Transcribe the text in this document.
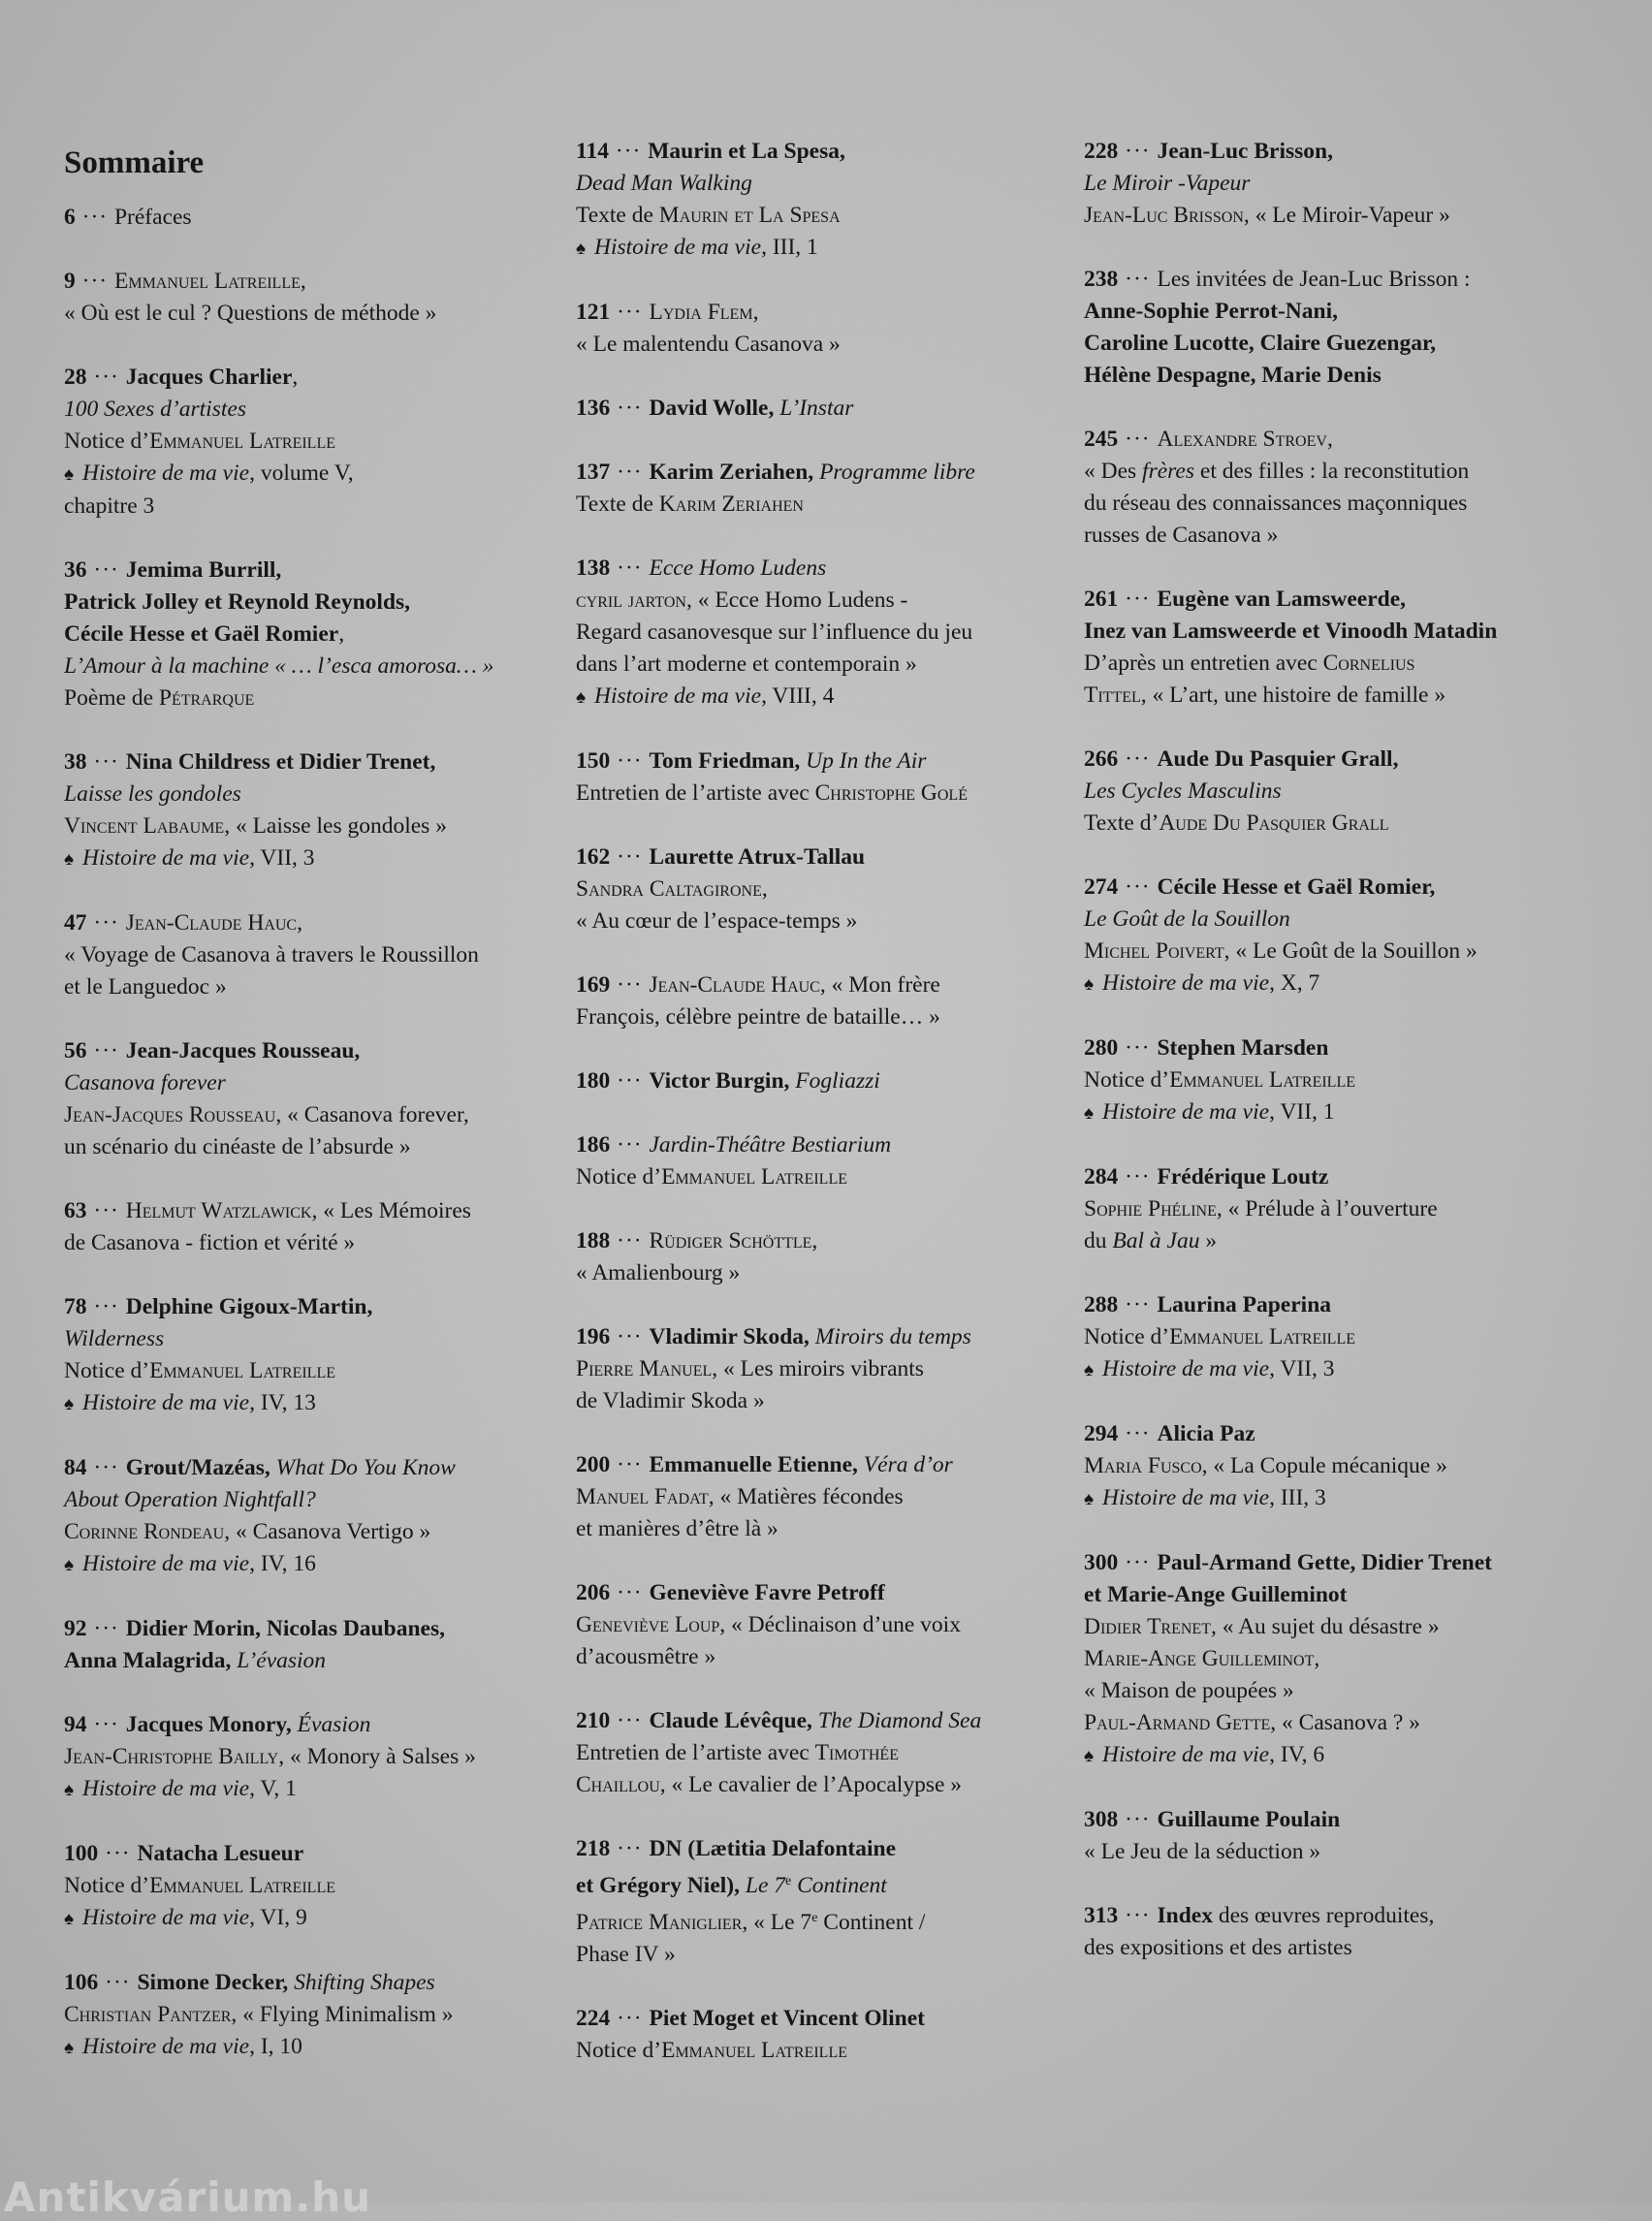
Sommaire
6 ··· Préfaces
9 ··· Emmanuel Latreille,
« Où est le cul ? Questions de méthode »
28 ··· Jacques Charlier,
100 Sexes d’artistes
Notice d’Emmanuel Latreille
♠ Histoire de ma vie, volume V,
chapitre 3
36 ··· Jemima Burrill,
Patrick Jolley et Reynold Reynolds,
Cécile Hesse et Gaël Romier,
L’Amour à la machine « … l’esca amorosa… »
Poème de Pétrarque
38 ··· Nina Childress et Didier Trenet,
Laisse les gondoles
Vincent Labaume, « Laisse les gondoles »
♠ Histoire de ma vie, VII, 3
47 ··· Jean-Claude Hauc,
« Voyage de Casanova à travers le Roussillon
et le Languedoc »
56 ··· Jean-Jacques Rousseau,
Casanova forever
Jean-Jacques Rousseau, « Casanova forever,
un scénario du cinéaste de l’absurde »
63 ··· Helmut Watzlawick, « Les Mémoires
de Casanova - fiction et vérité »
78 ··· Delphine Gigoux-Martin,
Wilderness
Notice d’Emmanuel Latreille
♠ Histoire de ma vie, IV, 13
84 ··· Grout/Mazéas, What Do You Know
About Operation Nightfall?
Corinne Rondeau, « Casanova Vertigo »
♠ Histoire de ma vie, IV, 16
92 ··· Didier Morin, Nicolas Daubanes,
Anna Malagrida, L’évasion
94 ··· Jacques Monory, Évasion
Jean-Christophe Bailly, « Monory à Salses »
♠ Histoire de ma vie, V, 1
100 ··· Natacha Lesueur
Notice d’Emmanuel Latreille
♠ Histoire de ma vie, VI, 9
106 ··· Simone Decker, Shifting Shapes
Christian Pantzer, « Flying Minimalism »
♠ Histoire de ma vie, I, 10
114 ··· Maurin et La Spesa,
Dead Man Walking
Texte de Maurin et La Spesa
♠ Histoire de ma vie, III, 1
121 ··· Lydia Flem,
« Le malentendu Casanova »
136 ··· David Wolle, L’Instar
137 ··· Karim Zeriahen, Programme libre
Texte de Karim Zeriahen
138 ··· Ecce Homo Ludens
cyril jarton, « Ecce Homo Ludens -
Regard casanovesque sur l’influence du jeu
dans l’art moderne et contemporain »
♠ Histoire de ma vie, VIII, 4
150 ··· Tom Friedman, Up In the Air
Entretien de l’artiste avec Christophe Golé
162 ··· Laurette Atrux-Tallau
Sandra Caltagirone,
« Au cœur de l’espace-temps »
169 ··· Jean-Claude Hauc, « Mon frère
François, célèbre peintre de bataille… »
180 ··· Victor Burgin, Fogliazzi
186 ··· Jardin-Théâtre Bestiarium
Notice d’Emmanuel Latreille
188 ··· Rüdiger Schöttle,
« Amalienbourg »
196 ··· Vladimir Skoda, Miroirs du temps
Pierre Manuel, « Les miroirs vibrants
de Vladimir Skoda »
200 ··· Emmanuelle Etienne, Véra d’or
Manuel Fadat, « Matières fécondes
et manières d’être là »
206 ··· Geneviève Favre Petroff
Geneviève Loup, « Déclinaison d’une voix
d’acousmêtre »
210 ··· Claude Lévêque, The Diamond Sea
Entretien de l’artiste avec Timothée
Chaillou, « Le cavalier de l’Apocalypse »
218 ··· DN (Lætitia Delafontaine
et Grégory Niel), Le 7e Continent
Patrice Maniglier, « Le 7e Continent /
Phase IV »
224 ··· Piet Moget et Vincent Olinet
Notice d’Emmanuel Latreille
228 ··· Jean-Luc Brisson,
Le Miroir -Vapeur
Jean-Luc Brisson, « Le Miroir-Vapeur »
238 ··· Les invitées de Jean-Luc Brisson :
Anne-Sophie Perrot-Nani,
Caroline Lucotte, Claire Guezengar,
Hélène Despagne, Marie Denis
245 ··· Alexandre Stroev,
« Des frères et des filles : la reconstitution
du réseau des connaissances maçonniques
russes de Casanova »
261 ··· Eugène van Lamsweerde,
Inez van Lamsweerde et Vinoodh Matadin
D’après un entretien avec Cornelius
Tittel, « L’art, une histoire de famille »
266 ··· Aude Du Pasquier Grall,
Les Cycles Masculins
Texte d’Aude Du Pasquier Grall
274 ··· Cécile Hesse et Gaël Romier,
Le Goût de la Souillon
Michel Poivert, « Le Goût de la Souillon »
♠ Histoire de ma vie, X, 7
280 ··· Stephen Marsden
Notice d’Emmanuel Latreille
♠ Histoire de ma vie, VII, 1
284 ··· Frédérique Loutz
Sophie Phéline, « Prélude à l’ouverture
du Bal à Jau »
288 ··· Laurina Paperina
Notice d’Emmanuel Latreille
♠ Histoire de ma vie, VII, 3
294 ··· Alicia Paz
Maria Fusco, « La Copule mécanique »
♠ Histoire de ma vie, III, 3
300 ··· Paul-Armand Gette, Didier Trenet
et Marie-Ange Guilleminot
Didier Trenet, « Au sujet du désastre »
Marie-Ange Guilleminot,
« Maison de poupées »
Paul-Armand Gette, « Casanova ? »
♠ Histoire de ma vie, IV, 6
308 ··· Guillaume Poulain
« Le Jeu de la séduction »
313 ··· Index des œuvres reproduites,
des expositions et des artistes
Antikvárium.hu
